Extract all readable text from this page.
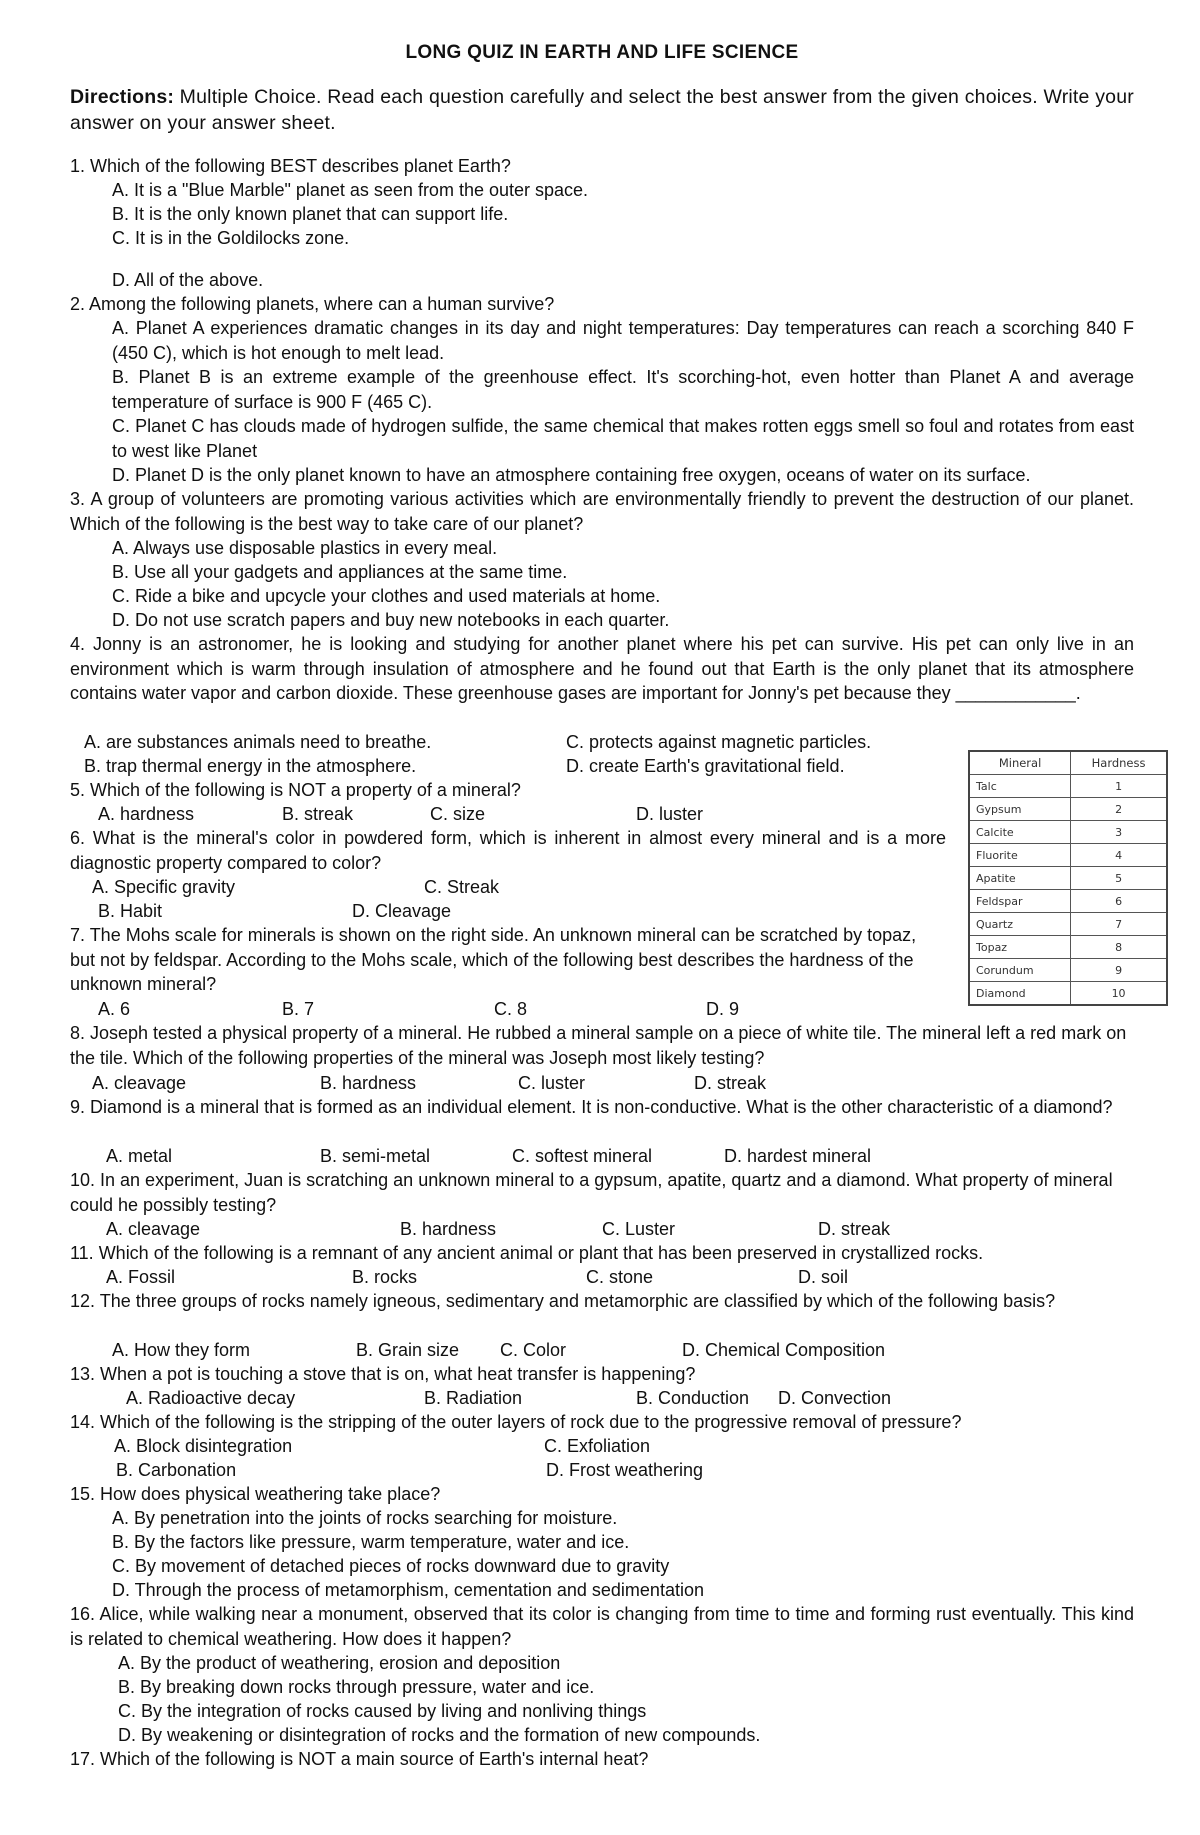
LONG QUIZ IN EARTH AND LIFE SCIENCE
Directions: Multiple Choice. Read each question carefully and select the best answer from the given choices. Write your answer on your answer sheet.
1. Which of the following BEST describes planet Earth?
A. It is a "Blue Marble" planet as seen from the outer space.
B. It is the only known planet that can support life.
C. It is in the Goldilocks zone.
D. All of the above.
2. Among the following planets, where can a human survive?
A. Planet A experiences dramatic changes in its day and night temperatures: Day temperatures can reach a scorching 840 F (450 C), which is hot enough to melt lead.
B. Planet B is an extreme example of the greenhouse effect. It's scorching-hot, even hotter than Planet A and average temperature of surface is 900 F (465 C).
C. Planet C has clouds made of hydrogen sulfide, the same chemical that makes rotten eggs smell so foul and rotates from east to west like Planet
D. Planet D is the only planet known to have an atmosphere containing free oxygen, oceans of water on its surface.
3. A group of volunteers are promoting various activities which are environmentally friendly to prevent the destruction of our planet. Which of the following is the best way to take care of our planet?
A. Always use disposable plastics in every meal.
B. Use all your gadgets and appliances at the same time.
C. Ride a bike and upcycle your clothes and used materials at home.
D. Do not use scratch papers and buy new notebooks in each quarter.
4. Jonny is an astronomer, he is looking and studying for another planet where his pet can survive. His pet can only live in an environment which is warm through insulation of atmosphere and he found out that Earth is the only planet that its atmosphere contains water vapor and carbon dioxide. These greenhouse gases are important for Jonny's pet because they ____________.
A. are substances animals need to breathe.
B. trap thermal energy in the atmosphere.
C. protects against magnetic particles.
D. create Earth's gravitational field.
5. Which of the following is NOT a property of a mineral?
A. hardness	B. streak	C. size	D. luster
6. What is the mineral's color in powdered form, which is inherent in almost every mineral and is a more diagnostic property compared to color?
A. Specific gravity
B. Habit
C. Streak
D. Cleavage
7. The Mohs scale for minerals is shown on the right side. An unknown mineral can be scratched by topaz, but not by feldspar. According to the Mohs scale, which of the following best describes the hardness of the unknown mineral?
A. 6	B. 7	C. 8	D. 9
8. Joseph tested a physical property of a mineral. He rubbed a mineral sample on a piece of white tile. The mineral left a red mark on the tile. Which of the following properties of the mineral was Joseph most likely testing?
A. cleavage	B. hardness	C. luster	D. streak
9. Diamond is a mineral that is formed as an individual element. It is non-conductive. What is the other characteristic of a diamond?
A. metal	B. semi-metal	C. softest mineral	D. hardest mineral
10. In an experiment, Juan is scratching an unknown mineral to a gypsum, apatite, quartz and a diamond. What property of mineral could he possibly testing?
A. cleavage	B. hardness	C. Luster	D. streak
11. Which of the following is a remnant of any ancient animal or plant that has been preserved in crystallized rocks.
A. Fossil	B. rocks	C. stone	D. soil
12. The three groups of rocks namely igneous, sedimentary and metamorphic are classified by which of the following basis?
A. How they form	B. Grain size C. Color	D. Chemical Composition
13. When a pot is touching a stove that is on, what heat transfer is happening?
A. Radioactive decay	B. Radiation	B. Conduction D. Convection
14. Which of the following is the stripping of the outer layers of rock due to the progressive removal of pressure?
A. Block disintegration
B. Carbonation
C. Exfoliation
D. Frost weathering
15. How does physical weathering take place?
A. By penetration into the joints of rocks searching for moisture.
B. By the factors like pressure, warm temperature, water and ice.
C. By movement of detached pieces of rocks downward due to gravity
D. Through the process of metamorphism, cementation and sedimentation
16. Alice, while walking near a monument, observed that its color is changing from time to time and forming rust eventually. This kind is related to chemical weathering. How does it happen?
A. By the product of weathering, erosion and deposition
B. By breaking down rocks through pressure, water and ice.
C. By the integration of rocks caused by living and nonliving things
D. By weakening or disintegration of rocks and the formation of new compounds.
17. Which of the following is NOT a main source of Earth's internal heat?
Mineral	Hardness
Talc	1
Gypsum	2
Calcite	3
Fluorite	4
Apatite	5
Feldspar	6
Quartz	7
Topaz	8
Corundum	9
Diamond	10
